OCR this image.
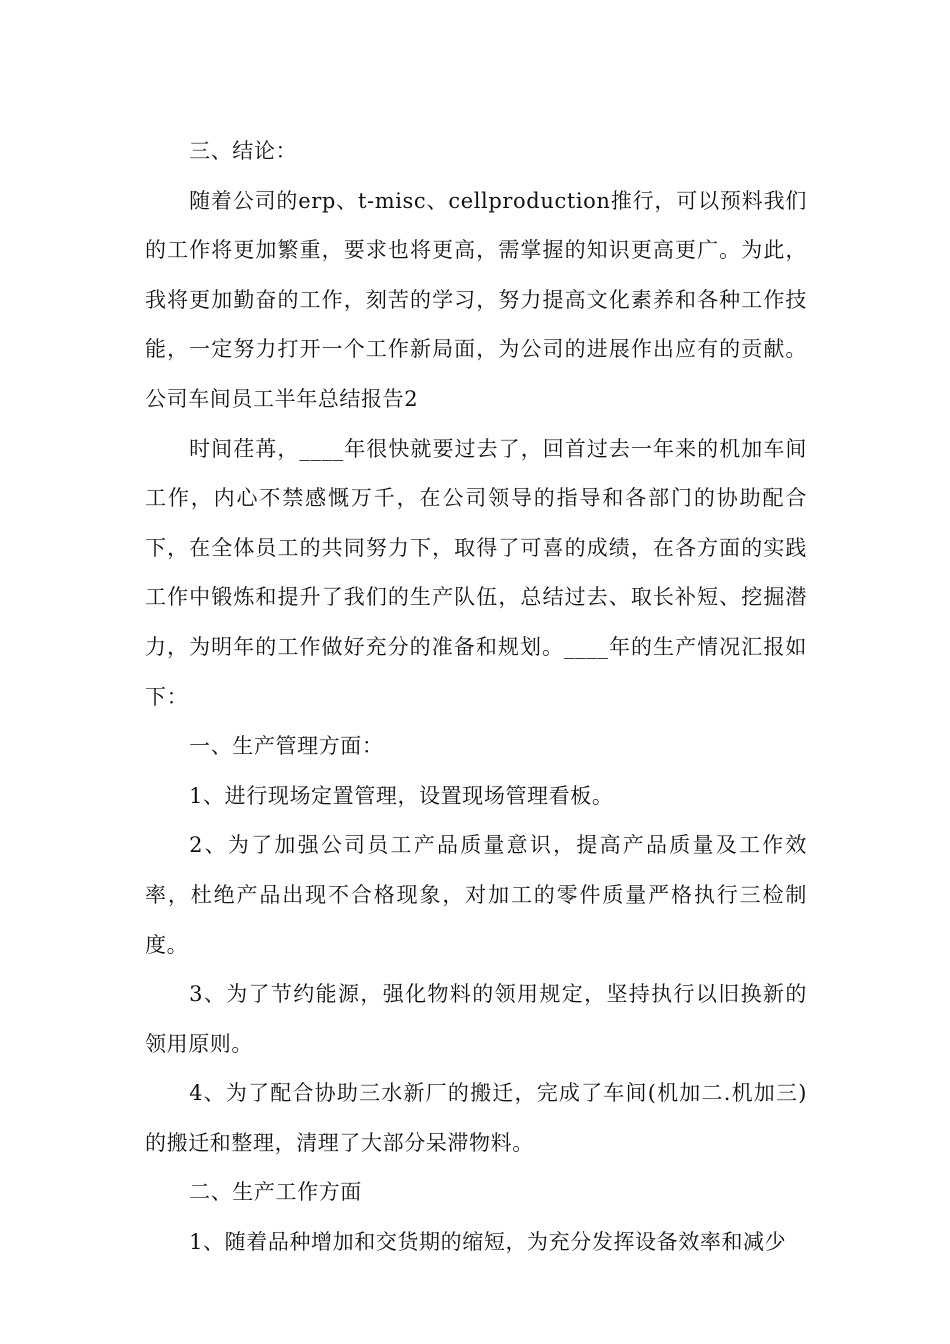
三、结论：

随着公司的erp、t-misc、cellproduction推行，可以预料我们的工作将更加繁重，要求也将更高，需掌握的知识更高更广。为此，我将更加勤奋的工作，刻苦的学习，努力提高文化素养和各种工作技能，一定努力打开一个工作新局面，为公司的进展作出应有的贡献。公司车间员工半年总结报告2

时间荏苒，____年很快就要过去了，回首过去一年来的机加车间工作，内心不禁感慨万千，在公司领导的指导和各部门的协助配合下，在全体员工的共同努力下，取得了可喜的成绩，在各方面的实践工作中锻炼和提升了我们的生产队伍，总结过去、取长补短、挖掘潜力，为明年的工作做好充分的准备和规划。____年的生产情况汇报如下：

一、生产管理方面：

1、进行现场定置管理，设置现场管理看板。

2、为了加强公司员工产品质量意识，提高产品质量及工作效率，杜绝产品出现不合格现象，对加工的零件质量严格执行三检制度。

3、为了节约能源，强化物料的领用规定，坚持执行以旧换新的领用原则。

4、为了配合协助三水新厂的搬迁，完成了车间(机加二.机加三)的搬迁和整理，清理了大部分呆滞物料。

二、生产工作方面

1、随着品种增加和交货期的缩短，为充分发挥设备效率和减少
